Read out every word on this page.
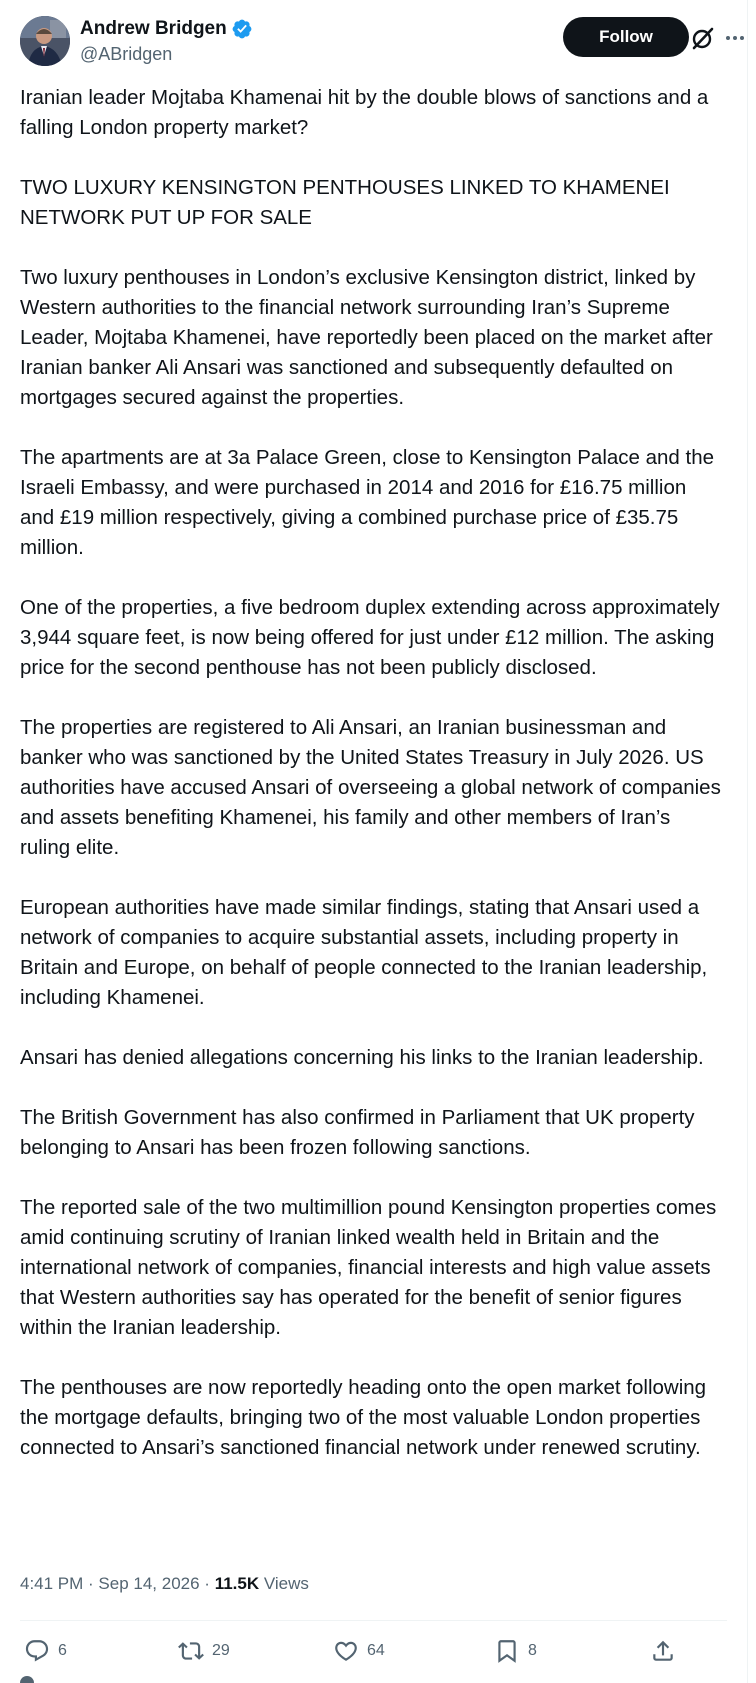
Andrew Bridgen
@ABridgen
Follow

Iranian leader Mojtaba Khamenai hit by the double blows of sanctions and a falling London property market?

TWO LUXURY KENSINGTON PENTHOUSES LINKED TO KHAMENEI NETWORK PUT UP FOR SALE

Two luxury penthouses in London’s exclusive Kensington district, linked by Western authorities to the financial network surrounding Iran’s Supreme Leader, Mojtaba Khamenei, have reportedly been placed on the market after Iranian banker Ali Ansari was sanctioned and subsequently defaulted on mortgages secured against the properties.

The apartments are at 3a Palace Green, close to Kensington Palace and the Israeli Embassy, and were purchased in 2014 and 2016 for £16.75 million and £19 million respectively, giving a combined purchase price of £35.75 million.

One of the properties, a five bedroom duplex extending across approximately 3,944 square feet, is now being offered for just under £12 million. The asking price for the second penthouse has not been publicly disclosed.

The properties are registered to Ali Ansari, an Iranian businessman and banker who was sanctioned by the United States Treasury in July 2026. US authorities have accused Ansari of overseeing a global network of companies and assets benefiting Khamenei, his family and other members of Iran’s ruling elite.

European authorities have made similar findings, stating that Ansari used a network of companies to acquire substantial assets, including property in Britain and Europe, on behalf of people connected to the Iranian leadership, including Khamenei.

Ansari has denied allegations concerning his links to the Iranian leadership.

The British Government has also confirmed in Parliament that UK property belonging to Ansari has been frozen following sanctions.

The reported sale of the two multimillion pound Kensington properties comes amid continuing scrutiny of Iranian linked wealth held in Britain and the international network of companies, financial interests and high value assets that Western authorities say has operated for the benefit of senior figures within the Iranian leadership.

The penthouses are now reportedly heading onto the open market following the mortgage defaults, bringing two of the most valuable London properties connected to Ansari’s sanctioned financial network under renewed scrutiny.

4:41 PM · Sep 14, 2026 · 11.5K Views
6	29	64	8
